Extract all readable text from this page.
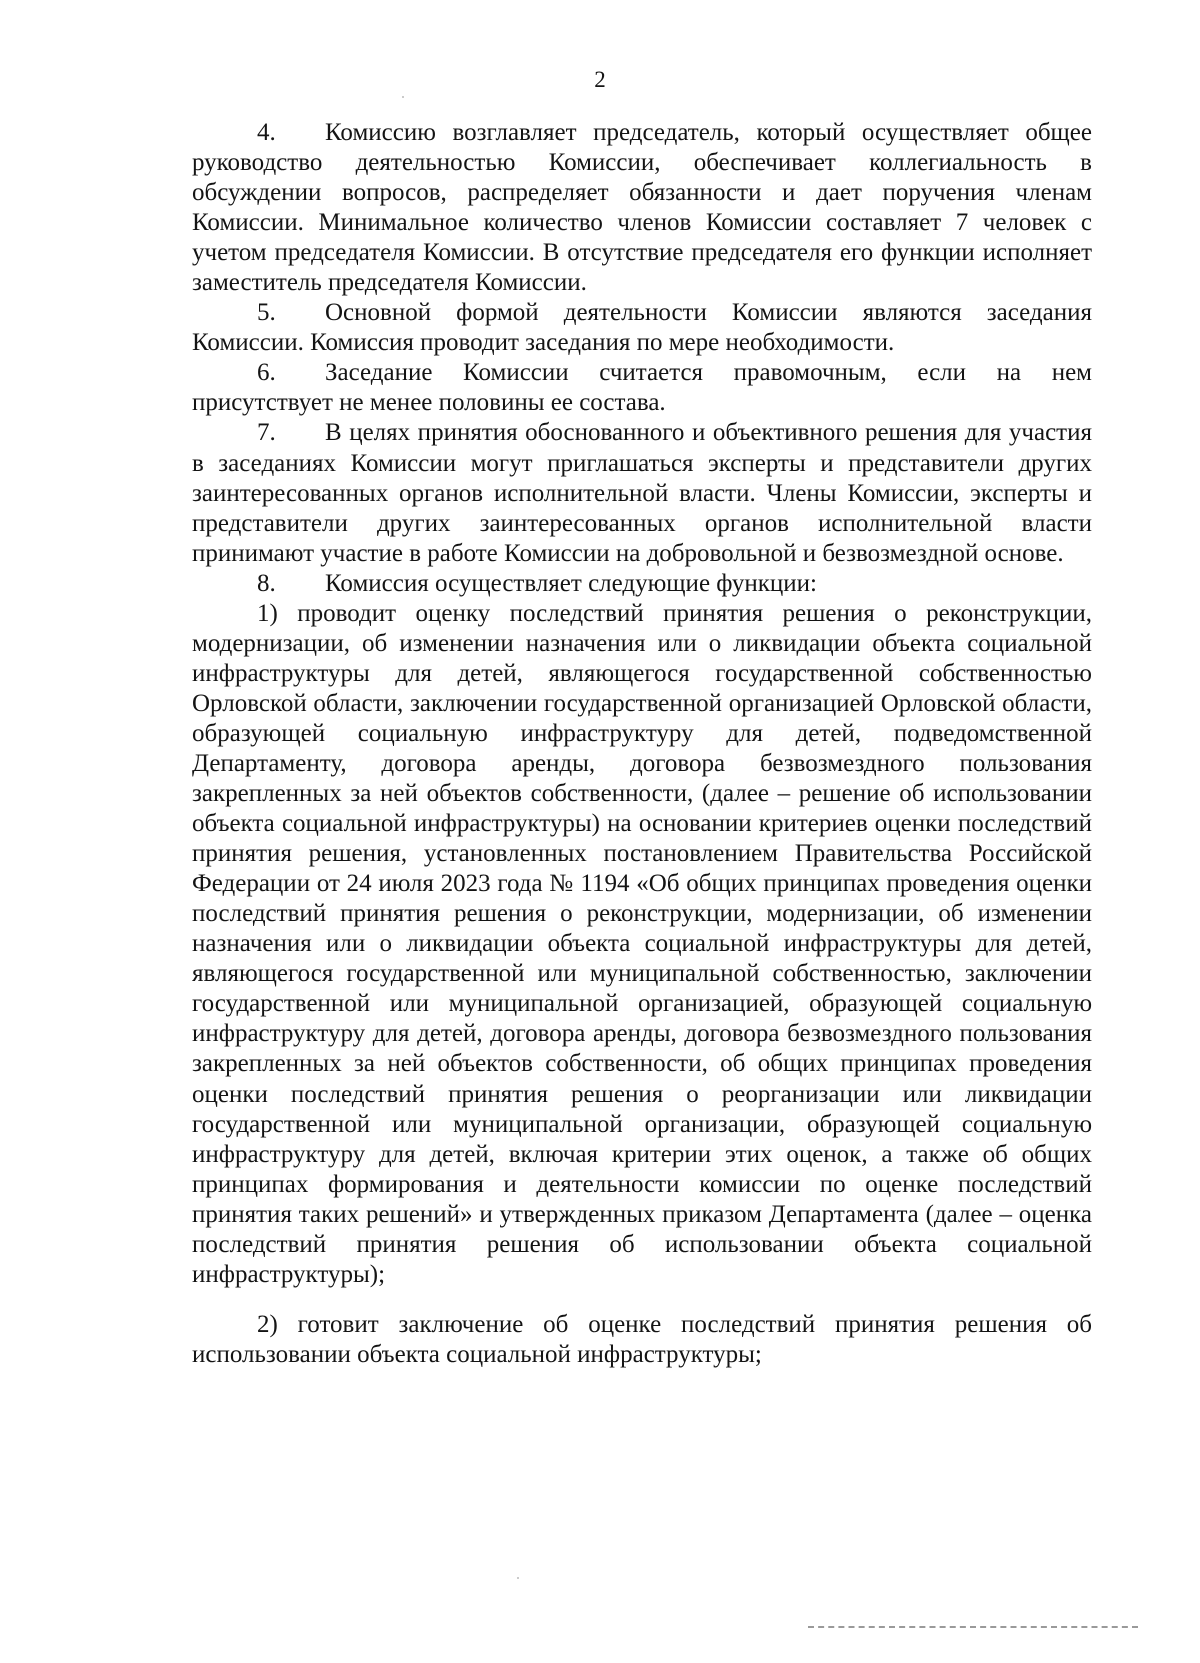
2

4. Комиссию возглавляет председатель, который осуществляет общее руководство деятельностью Комиссии, обеспечивает коллегиальность в обсуждении вопросов, распределяет обязанности и дает поручения членам Комиссии. Минимальное количество членов Комиссии составляет 7 человек с учетом председателя Комиссии. В отсутствие председателя его функции исполняет заместитель председателя Комиссии.

5. Основной формой деятельности Комиссии являются заседания Комиссии. Комиссия проводит заседания по мере необходимости.

6. Заседание Комиссии считается правомочным, если на нем присутствует не менее половины ее состава.

7. В целях принятия обоснованного и объективного решения для участия в заседаниях Комиссии могут приглашаться эксперты и представители других заинтересованных органов исполнительной власти. Члены Комиссии, эксперты и представители других заинтересованных органов исполнительной власти принимают участие в работе Комиссии на добровольной и безвозмездной основе.

8. Комиссия осуществляет следующие функции:

1) проводит оценку последствий принятия решения о реконструкции, модернизации, об изменении назначения или о ликвидации объекта социальной инфраструктуры для детей, являющегося государственной собственностью Орловской области, заключении государственной организацией Орловской области, образующей социальную инфраструктуру для детей, подведомственной Департаменту, договора аренды, договора безвозмездного пользования закрепленных за ней объектов собственности, (далее – решение об использовании объекта социальной инфраструктуры) на основании критериев оценки последствий принятия решения, установленных постановлением Правительства Российской Федерации от 24 июля 2023 года № 1194 «Об общих принципах проведения оценки последствий принятия решения о реконструкции, модернизации, об изменении назначения или о ликвидации объекта социальной инфраструктуры для детей, являющегося государственной или муниципальной собственностью, заключении государственной или муниципальной организацией, образующей социальную инфраструктуру для детей, договора аренды, договора безвозмездного пользования закрепленных за ней объектов собственности, об общих принципах проведения оценки последствий принятия решения о реорганизации или ликвидации государственной или муниципальной организации, образующей социальную инфраструктуру для детей, включая критерии этих оценок, а также об общих принципах формирования и деятельности комиссии по оценке последствий принятия таких решений» и утвержденных приказом Департамента (далее – оценка последствий принятия решения об использовании объекта социальной инфраструктуры);

2) готовит заключение об оценке последствий принятия решения об использовании объекта социальной инфраструктуры;
